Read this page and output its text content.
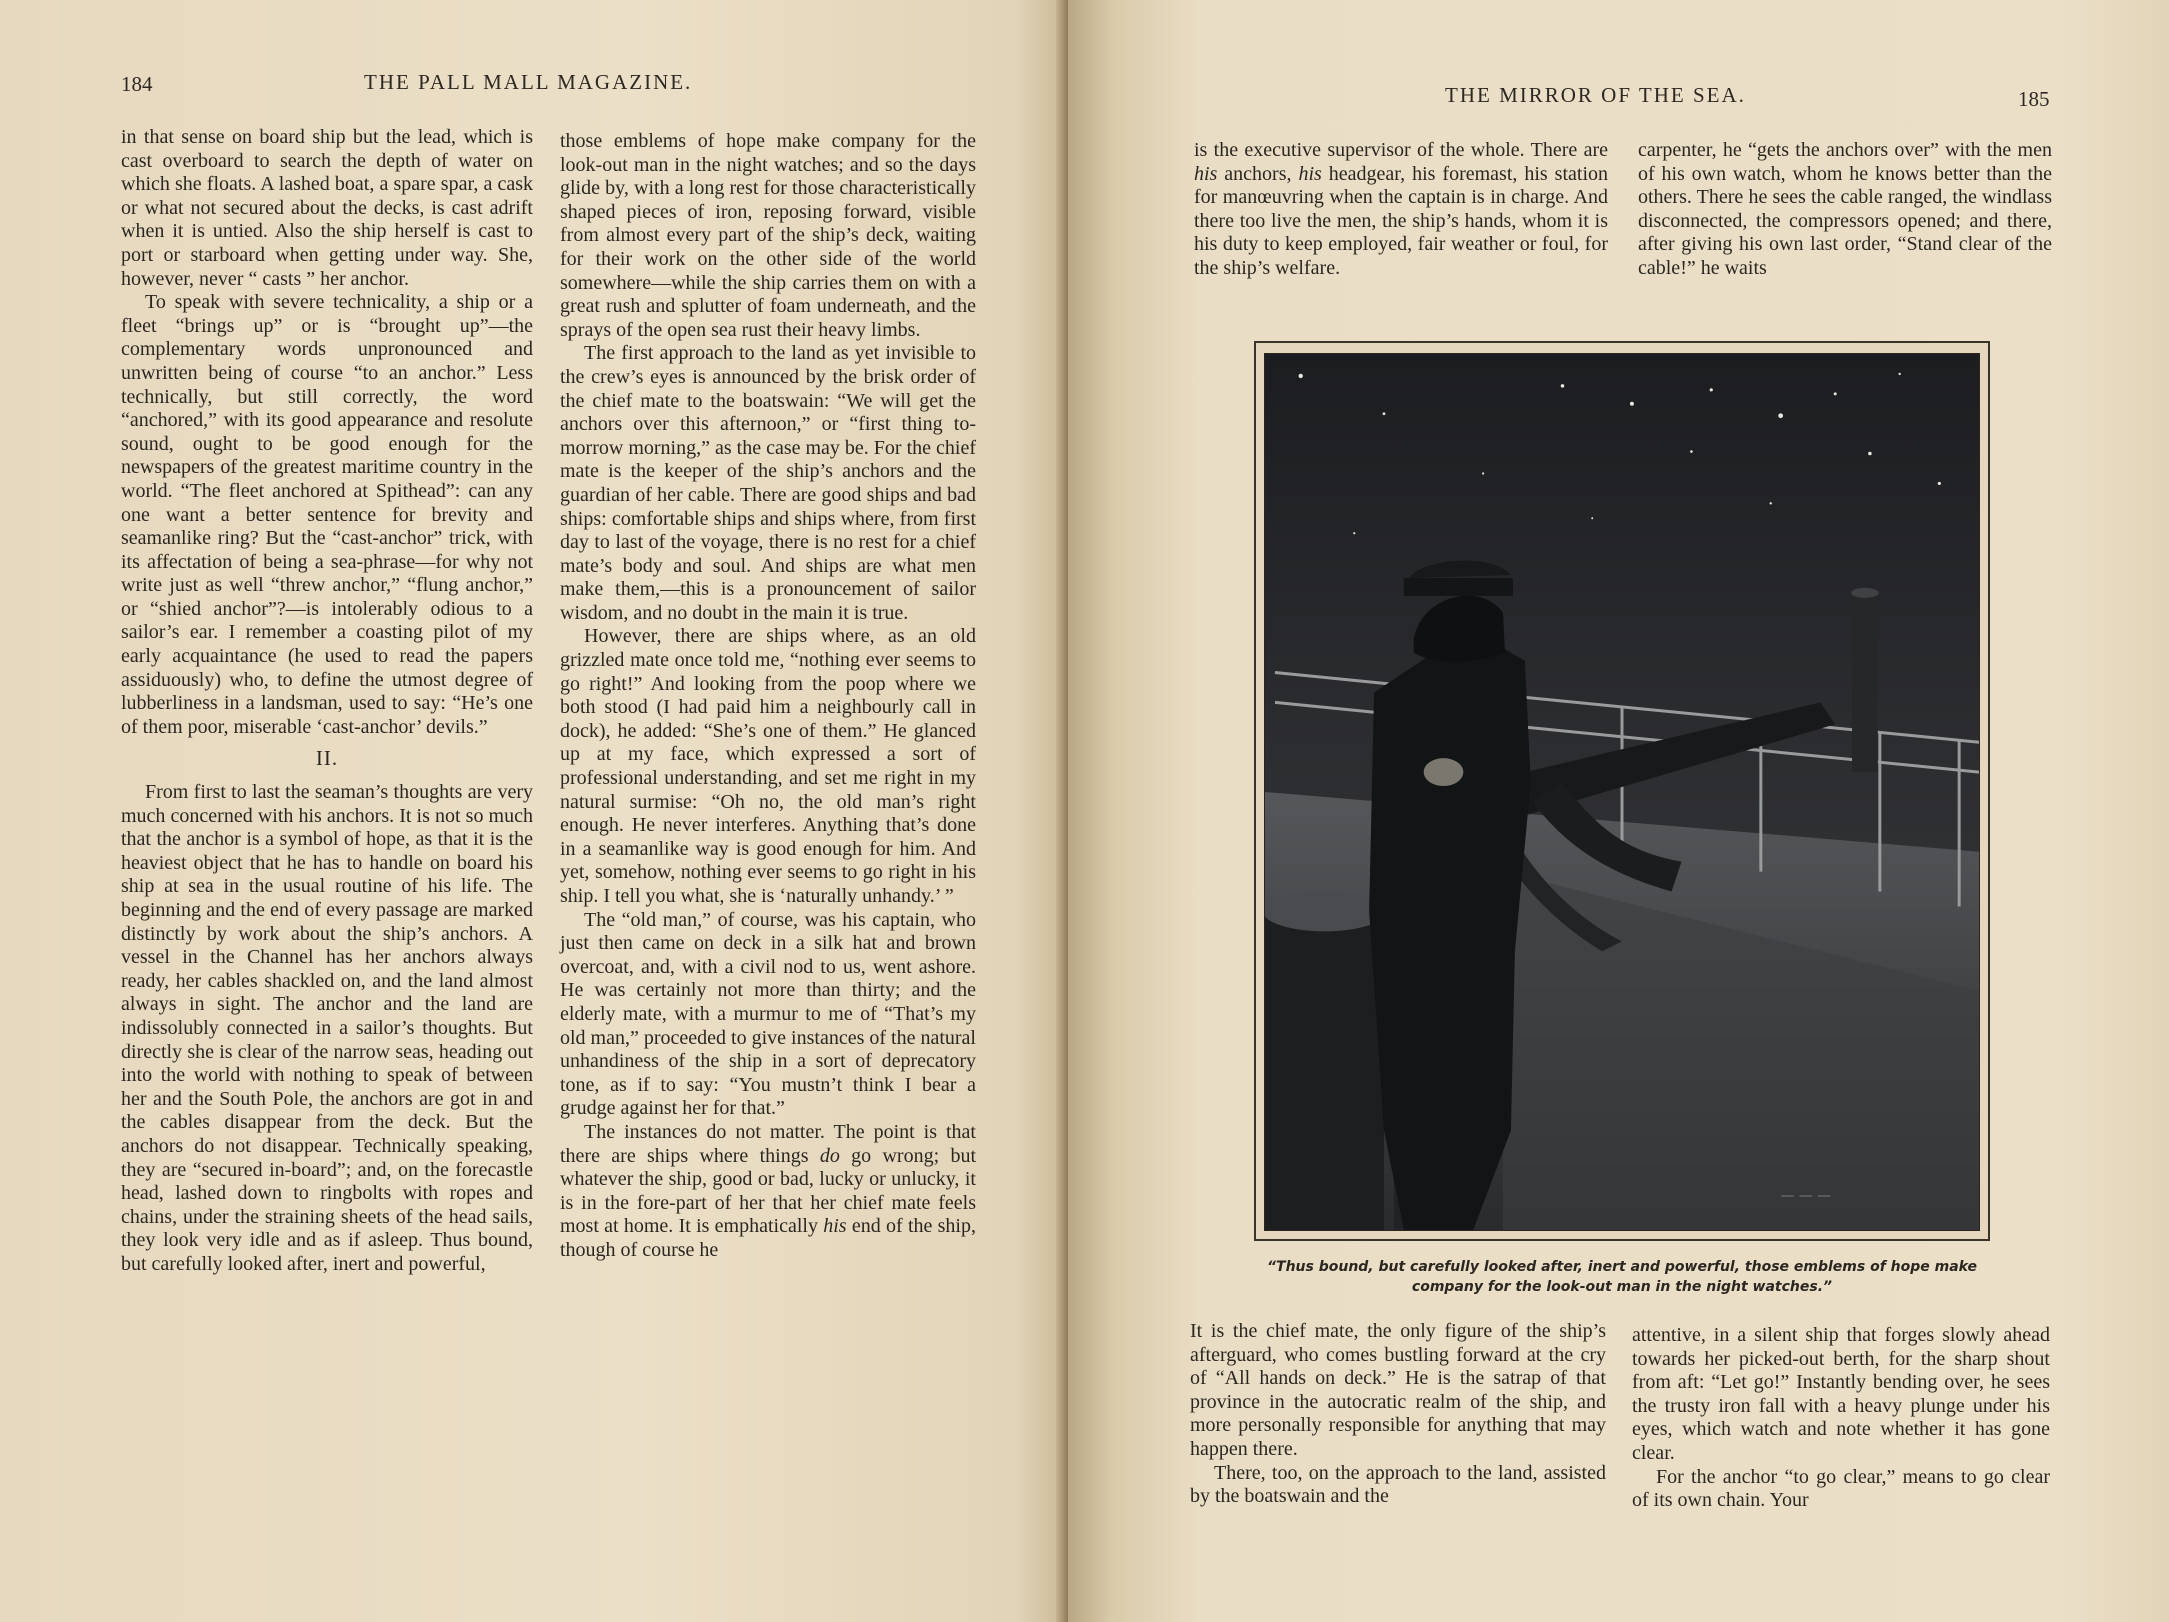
184	THE PALL MALL MAGAZINE.

in that sense on board ship but the lead, which is cast overboard to search the depth of water on which she floats. A lashed boat, a spare spar, a cask or what not secured about the decks, is cast adrift when it is untied. Also the ship herself is cast to port or starboard when getting under way. She, however, never “ casts ” her anchor.

To speak with severe technicality, a ship or a fleet “brings up” or is “brought up”—the complementary words unpronounced and unwritten being of course “to an anchor.” Less technically, but still correctly, the word “anchored,” with its good appearance and resolute sound, ought to be good enough for the newspapers of the greatest maritime country in the world. “The fleet anchored at Spithead”: can any one want a better sentence for brevity and seamanlike ring? But the “cast-anchor” trick, with its affectation of being a sea-phrase—for why not write just as well “threw anchor,” “flung anchor,” or “shied anchor”?—is intolerably odious to a sailor’s ear. I remember a coasting pilot of my early acquaintance (he used to read the papers assiduously) who, to define the utmost degree of lubberliness in a landsman, used to say: “He’s one of them poor, miserable ‘cast-anchor’ devils.”

II.

From first to last the seaman’s thoughts are very much concerned with his anchors. It is not so much that the anchor is a symbol of hope, as that it is the heaviest object that he has to handle on board his ship at sea in the usual routine of his life. The beginning and the end of every passage are marked distinctly by work about the ship’s anchors. A vessel in the Channel has her anchors always ready, her cables shackled on, and the land almost always in sight. The anchor and the land are indissolubly connected in a sailor’s thoughts. But directly she is clear of the narrow seas, heading out into the world with nothing to speak of between her and the South Pole, the anchors are got in and the cables disappear from the deck. But the anchors do not disappear. Technically speaking, they are “secured in-board”; and, on the forecastle head, lashed down to ringbolts with ropes and chains, under the straining sheets of the head sails, they look very idle and as if asleep. Thus bound, but carefully looked after, inert and powerful,

those emblems of hope make company for the look-out man in the night watches; and so the days glide by, with a long rest for those characteristically shaped pieces of iron, reposing forward, visible from almost every part of the ship’s deck, waiting for their work on the other side of the world somewhere—while the ship carries them on with a great rush and splutter of foam underneath, and the sprays of the open sea rust their heavy limbs.

The first approach to the land as yet invisible to the crew’s eyes is announced by the brisk order of the chief mate to the boatswain: “We will get the anchors over this afternoon,” or “first thing to-morrow morning,” as the case may be. For the chief mate is the keeper of the ship’s anchors and the guardian of her cable. There are good ships and bad ships: comfortable ships and ships where, from first day to last of the voyage, there is no rest for a chief mate’s body and soul. And ships are what men make them,—this is a pronouncement of sailor wisdom, and no doubt in the main it is true.

However, there are ships where, as an old grizzled mate once told me, “nothing ever seems to go right!” And looking from the poop where we both stood (I had paid him a neighbourly call in dock), he added: “She’s one of them.” He glanced up at my face, which expressed a sort of professional understanding, and set me right in my natural surmise: “Oh no, the old man’s right enough. He never interferes. Anything that’s done in a seamanlike way is good enough for him. And yet, somehow, nothing ever seems to go right in his ship. I tell you what, she is ‘naturally unhandy.’ ”

The “old man,” of course, was his captain, who just then came on deck in a silk hat and brown overcoat, and, with a civil nod to us, went ashore. He was certainly not more than thirty; and the elderly mate, with a murmur to me of “That’s my old man,” proceeded to give instances of the natural unhandiness of the ship in a sort of deprecatory tone, as if to say: “You mustn’t think I bear a grudge against her for that.”

The instances do not matter. The point is that there are ships where things do go wrong; but whatever the ship, good or bad, lucky or unlucky, it is in the fore-part of her that her chief mate feels most at home. It is emphatically his end of the ship, though of course he

THE MIRROR OF THE SEA.	185

is the executive supervisor of the whole. There are his anchors, his headgear, his foremast, his station for manœuvring when the captain is in charge. And there too live the men, the ship’s hands, whom it is his duty to keep employed, fair weather or foul, for the ship’s welfare.

carpenter, he “gets the anchors over” with the men of his own watch, whom he knows better than the others. There he sees the cable ranged, the windlass disconnected, the compressors opened; and there, after giving his own last order, “Stand clear of the cable!” he waits

It is the chief mate, the only figure of the ship’s afterguard, who comes bustling forward at the cry of “All hands on deck.” He is the satrap of that province in the autocratic realm of the ship, and more personally responsible for anything that may happen there.

There, too, on the approach to the land, assisted by the boatswain and the

attentive, in a silent ship that forges slowly ahead towards her picked-out berth, for the sharp shout from aft: “Let go!” Instantly bending over, he sees the trusty iron fall with a heavy plunge under his eyes, which watch and note whether it has gone clear.

For the anchor “to go clear,” means to go clear of its own chain. Your

— — —
“Thus bound, but carefully looked after, inert and powerful, those emblems of hope make company for the look-out man in the night watches.”
